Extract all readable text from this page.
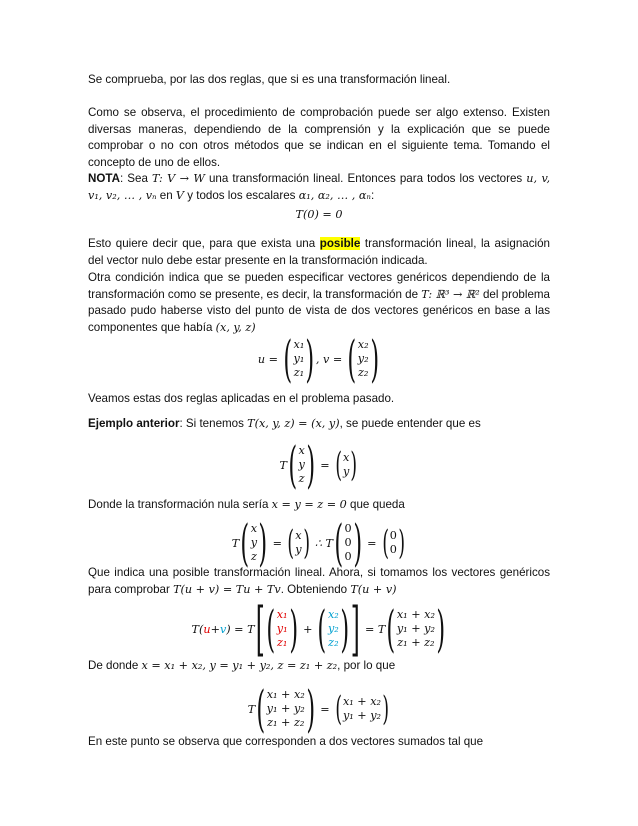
Se comprueba, por las dos reglas, que si es una transformación lineal.

Como se observa, el procedimiento de comprobación puede ser algo extenso. Existen diversas maneras, dependiendo de la comprensión y la explicación que se puede comprobar o no con otros métodos que se indican en el siguiente tema. Tomando el concepto de uno de ellos.

NOTA: Sea T: V → W una transformación lineal. Entonces para todos los vectores u, v, v₁, v₂, … , vₙ en V y todos los escalares α₁, α₂, … , αₙ:

T(0) = 0

Esto quiere decir que, para que exista una posible transformación lineal, la asignación del vector nulo debe estar presente en la transformación indicada.

Otra condición indica que se pueden especificar vectores genéricos dependiendo de la transformación como se presente, es decir, la transformación de T: ℝ³ → ℝ² del problema pasado pudo haberse visto del punto de vista de dos vectores genéricos en base a las componentes que había (x, y, z)

u = ( x₁
y₁
z₁ ) , v = ( x₂
y₂
z₂ )

Veamos estas dos reglas aplicadas en el problema pasado.

Ejemplo anterior: Si tenemos T(x, y, z) = (x, y), se puede entender que es

T ( x
y
z ) = ( x
y )

Donde la transformación nula sería x = y = z = 0 que queda

T ( x
y
z ) = ( x
y ) ∴ T ( 0
0
0 ) = ( 0
0 )

Que indica una posible transformación lineal. Ahora, si tomamos los vectores genéricos para comprobar T(u + v) = Tu + Tv. Obteniendo T(u + v)

T( u + v ) = T [ ( x₁
y₁
z₁ ) + ( x₂
y₂
z₂ ) ] = T ( x₁ + x₂
y₁ + y₂
z₁ + z₂ )

De donde x = x₁ + x₂, y = y₁ + y₂, z = z₁ + z₂, por lo que

T ( x₁ + x₂
y₁ + y₂
z₁ + z₂ ) = ( x₁ + x₂
y₁ + y₂ )

En este punto se observa que corresponden a dos vectores sumados tal que
